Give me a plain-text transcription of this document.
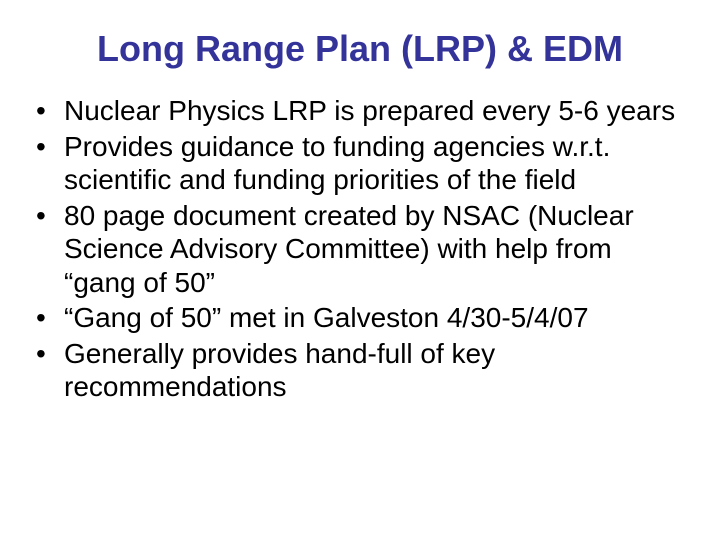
Long Range Plan (LRP) & EDM
• Nuclear Physics LRP is prepared every 5-6 years
• Provides guidance to funding agencies w.r.t. scientific and funding priorities of the field
• 80 page document created by NSAC (Nuclear Science Advisory Committee) with help from “gang of 50”
• “Gang of 50” met in Galveston 4/30-5/4/07
• Generally provides hand-full of key recommendations
